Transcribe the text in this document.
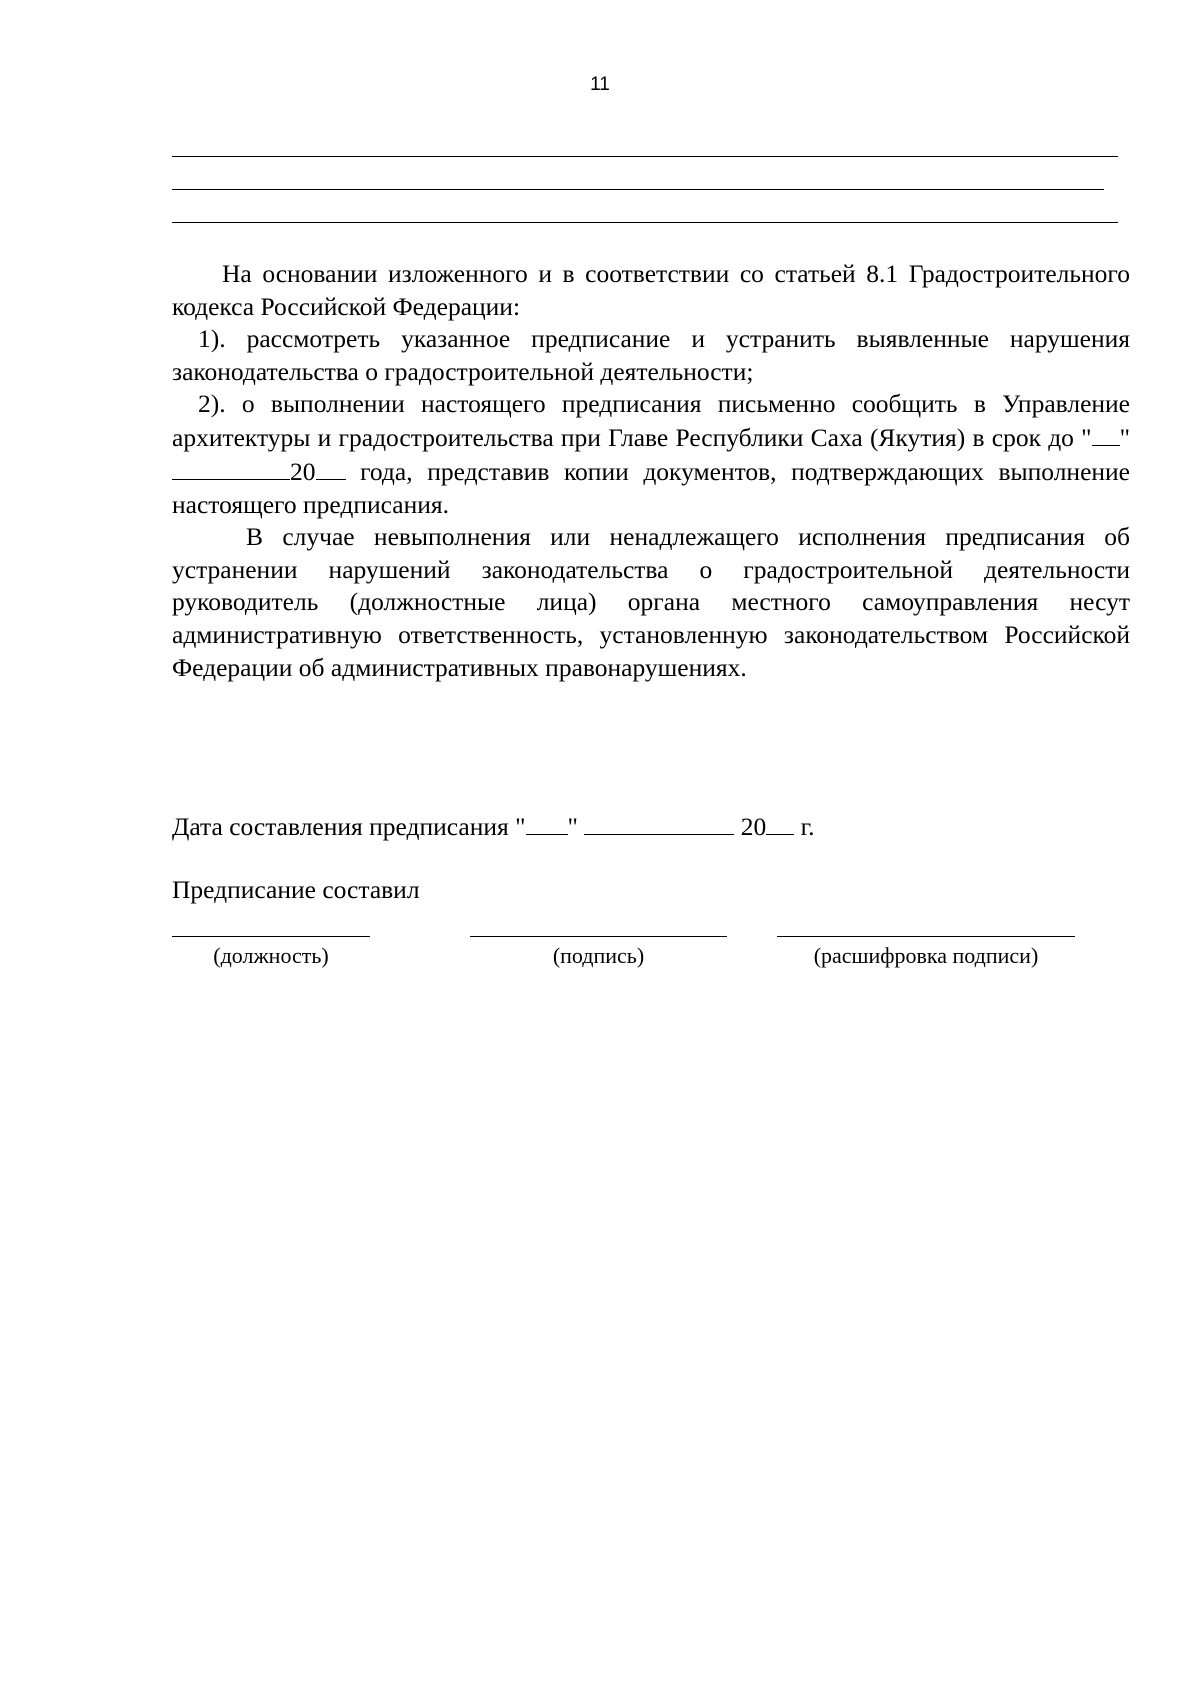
11

На основании изложенного и в соответствии со статьей 8.1 Градостроительного кодекса Российской Федерации:

1). рассмотреть указанное предписание и устранить выявленные нарушения законодательства о градостроительной деятельности;

2). о выполнении настоящего предписания письменно сообщить в Управление архитектуры и градостроительства при Главе Республики Саха (Якутия) в срок до " " 20 года, представив копии документов, подтверждающих выполнение настоящего предписания.

В случае невыполнения или ненадлежащего исполнения предписания об устранении нарушений законодательства о градостроительной деятельности руководитель (должностные лица) органа местного самоуправления несут административную ответственность, установленную законодательством Российской Федерации об административных правонарушениях.

Дата составления предписания " "	20 г.
Предписание составил
(должность)	(подпись)	(расшифровка подписи)
